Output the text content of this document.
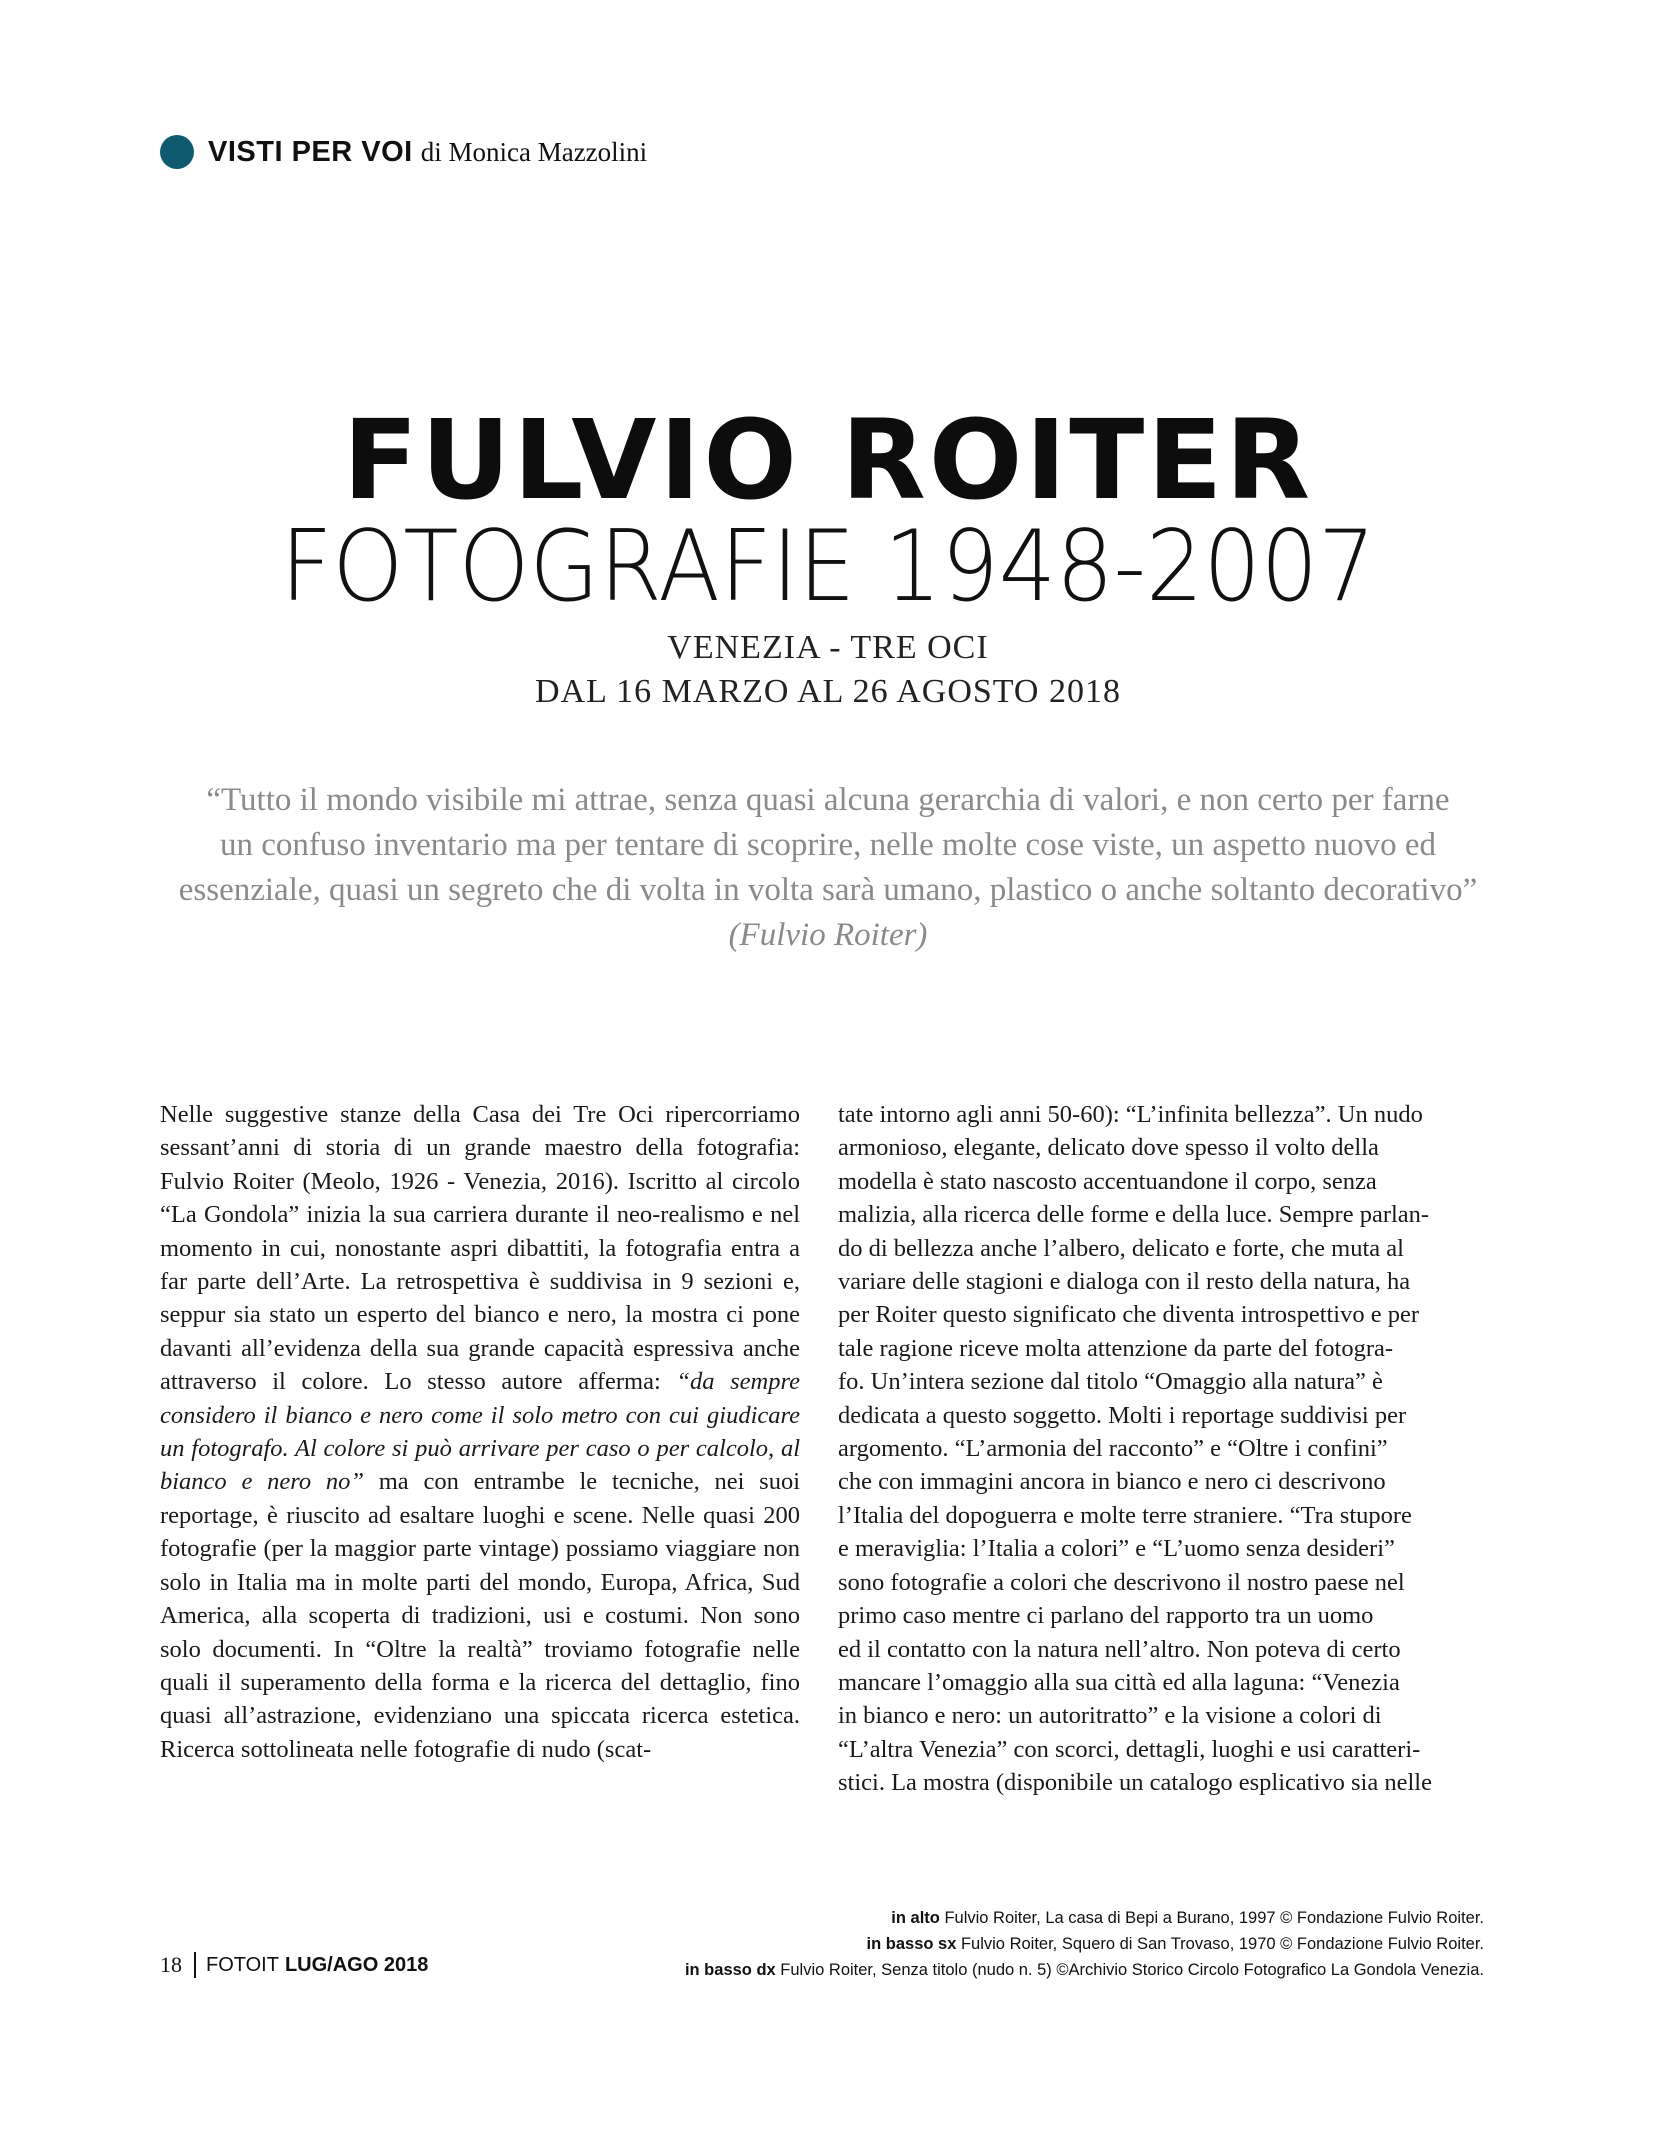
VISTI PER VOI di Monica Mazzolini
FULVIO ROITER
FOTOGRAFIE 1948-2007
VENEZIA - TRE OCI
DAL 16 MARZO AL 26 AGOSTO 2018
“Tutto il mondo visibile mi attrae, senza quasi alcuna gerarchia di valori, e non certo per farne
un confuso inventario ma per tentare di scoprire, nelle molte cose viste, un aspetto nuovo ed
essenziale, quasi un segreto che di volta in volta sarà umano, plastico o anche soltanto decorativo”
(Fulvio Roiter)

Nelle suggestive stanze della Casa dei Tre Oci ripercorriamo sessant’anni di storia di un grande maestro della fotografia: Fulvio Roiter (Meolo, 1926 - Venezia, 2016). Iscritto al circolo “La Gondola” inizia la sua carriera durante il neo-realismo e nel momento in cui, nonostante aspri dibattiti, la fotografia entra a far parte dell’Arte. La retrospettiva è suddivisa in 9 sezioni e, seppur sia stato un esperto del bianco e nero, la mostra ci pone davanti all’evidenza della sua grande capacità espressiva anche attraverso il colore. Lo stesso autore afferma: “da sempre considero il bianco e nero come il solo metro con cui giudicare un fotografo. Al colore si può arrivare per caso o per calcolo, al bianco e nero no” ma con entrambe le tecniche, nei suoi reportage, è riuscito ad esaltare luoghi e scene. Nelle quasi 200 fotografie (per la maggior parte vintage) possiamo viaggiare non solo in Italia ma in molte parti del mondo, Europa, Africa, Sud America, alla scoperta di tradizioni, usi e costumi. Non sono solo documenti. In “Oltre la realtà” troviamo fotografie nelle quali il superamento della forma e la ricerca del dettaglio, fino quasi all’astrazione, evidenziano una spiccata ricerca estetica. Ricerca sottolineata nelle fotografie di nudo (scat-

tate intorno agli anni 50-60): “L’infinita bellezza”. Un nudo
armonioso, elegante, delicato dove spesso il volto della
modella è stato nascosto accentuandone il corpo, senza
malizia, alla ricerca delle forme e della luce. Sempre parlan-
do di bellezza anche l’albero, delicato e forte, che muta al
variare delle stagioni e dialoga con il resto della natura, ha
per Roiter questo significato che diventa introspettivo e per
tale ragione riceve molta attenzione da parte del fotogra-
fo. Un’intera sezione dal titolo “Omaggio alla natura” è
dedicata a questo soggetto. Molti i reportage suddivisi per
argomento. “L’armonia del racconto” e “Oltre i confini”
che con immagini ancora in bianco e nero ci descrivono
l’Italia del dopoguerra e molte terre straniere. “Tra stupore
e meraviglia: l’Italia a colori” e “L’uomo senza desideri”
sono fotografie a colori che descrivono il nostro paese nel
primo caso mentre ci parlano del rapporto tra un uomo
ed il contatto con la natura nell’altro. Non poteva di certo
mancare l’omaggio alla sua città ed alla laguna: “Venezia
in bianco e nero: un autoritratto” e la visione a colori di
“L’altra Venezia” con scorci, dettagli, luoghi e usi caratteri-
stici. La mostra (disponibile un catalogo esplicativo sia nelle
in alto Fulvio Roiter, La casa di Bepi a Burano, 1997 © Fondazione Fulvio Roiter.
in basso sx Fulvio Roiter, Squero di San Trovaso, 1970 © Fondazione Fulvio Roiter.
in basso dx Fulvio Roiter, Senza titolo (nudo n. 5) ©Archivio Storico Circolo Fotografico La Gondola Venezia.
18 FOTOIT LUG/AGO 2018
